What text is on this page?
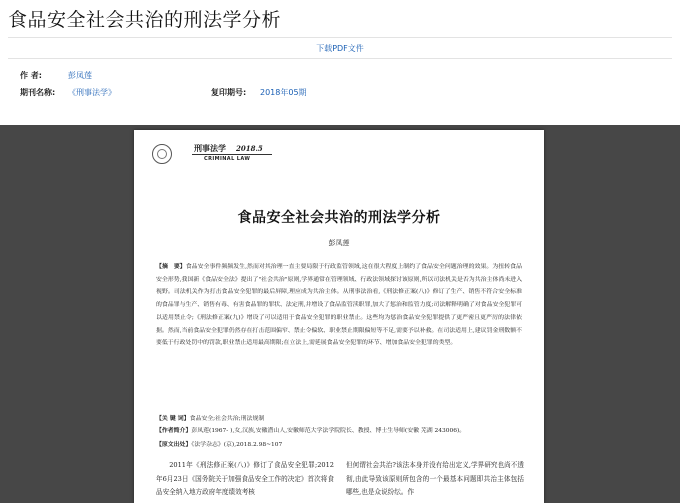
食品安全社会共治的刑法学分析
下载PDF文件
作 者:	彭凤莲
期刊名称: 《刑事法学》	复印期号: 2018年05期
刑事法学 2018.5
CRIMINAL LAW
食品安全社会共治的刑法学分析
彭凤莲
【摘　要】食品安全事件频频发生,然而对其治理一直主要局限于行政监管领域,这在很大程度上制约了食品安全问题治理的效果。为扭转食品安全形势,我国新《食品安全法》提出了"社会共治"原则,学界通常在管理领域、行政法领域探讨该原则,所以司法机关是否为共治主体尚未进入视野。司法机关作为打击食品安全犯罪的最后屏障,理应成为共治主体。从刑事法治看,《刑法修正案(八)》修订了生产、销售不符合安全标准的食品罪与生产、销售有毒、有害食品罪的罪状、法定刑,并增设了食品监管渎职罪,加大了惩治和监管力度;司法解释明确了对食品安全犯罪可以适用禁止令;《刑法修正案(九)》增设了可以适用于食品安全犯罪的职业禁止。这些均为惩治食品安全犯罪提供了更严密且更严厉的法律依据。然而,当前食品安全犯罪仍然存在打击范围偏窄、禁止令偏软、职业禁止期限偏短等不足,需要予以补救。在司法适用上,建议罚金刑数额不要低于行政处罚中的罚款,职业禁止适用最高期限;在立法上,需延展食品安全犯罪的环节、增加食品安全犯罪的类型。
【关 键 词】食品安全;社会共治;刑法规制
【作者简介】彭凤莲(1967- ),女,汉族,安徽潜山人,安徽师范大学法学院院长、教授、博士生导师(安徽 芜湖 243006)。
【原文出处】《法学杂志》(京),2018.2.98~107
2011年《刑法修正案(八)》修订了食品安全犯罪;2012年6月23日《国务院关于加强食品安全工作的决定》首次将食品安全纳入地方政府年度绩效考核
但何谓社会共治?该法本身并没有给出定义,学界研究也尚不透彻,由此导致该原则所包含的一个最基本问题即共治主体包括哪些,也是众说纷纭。作
